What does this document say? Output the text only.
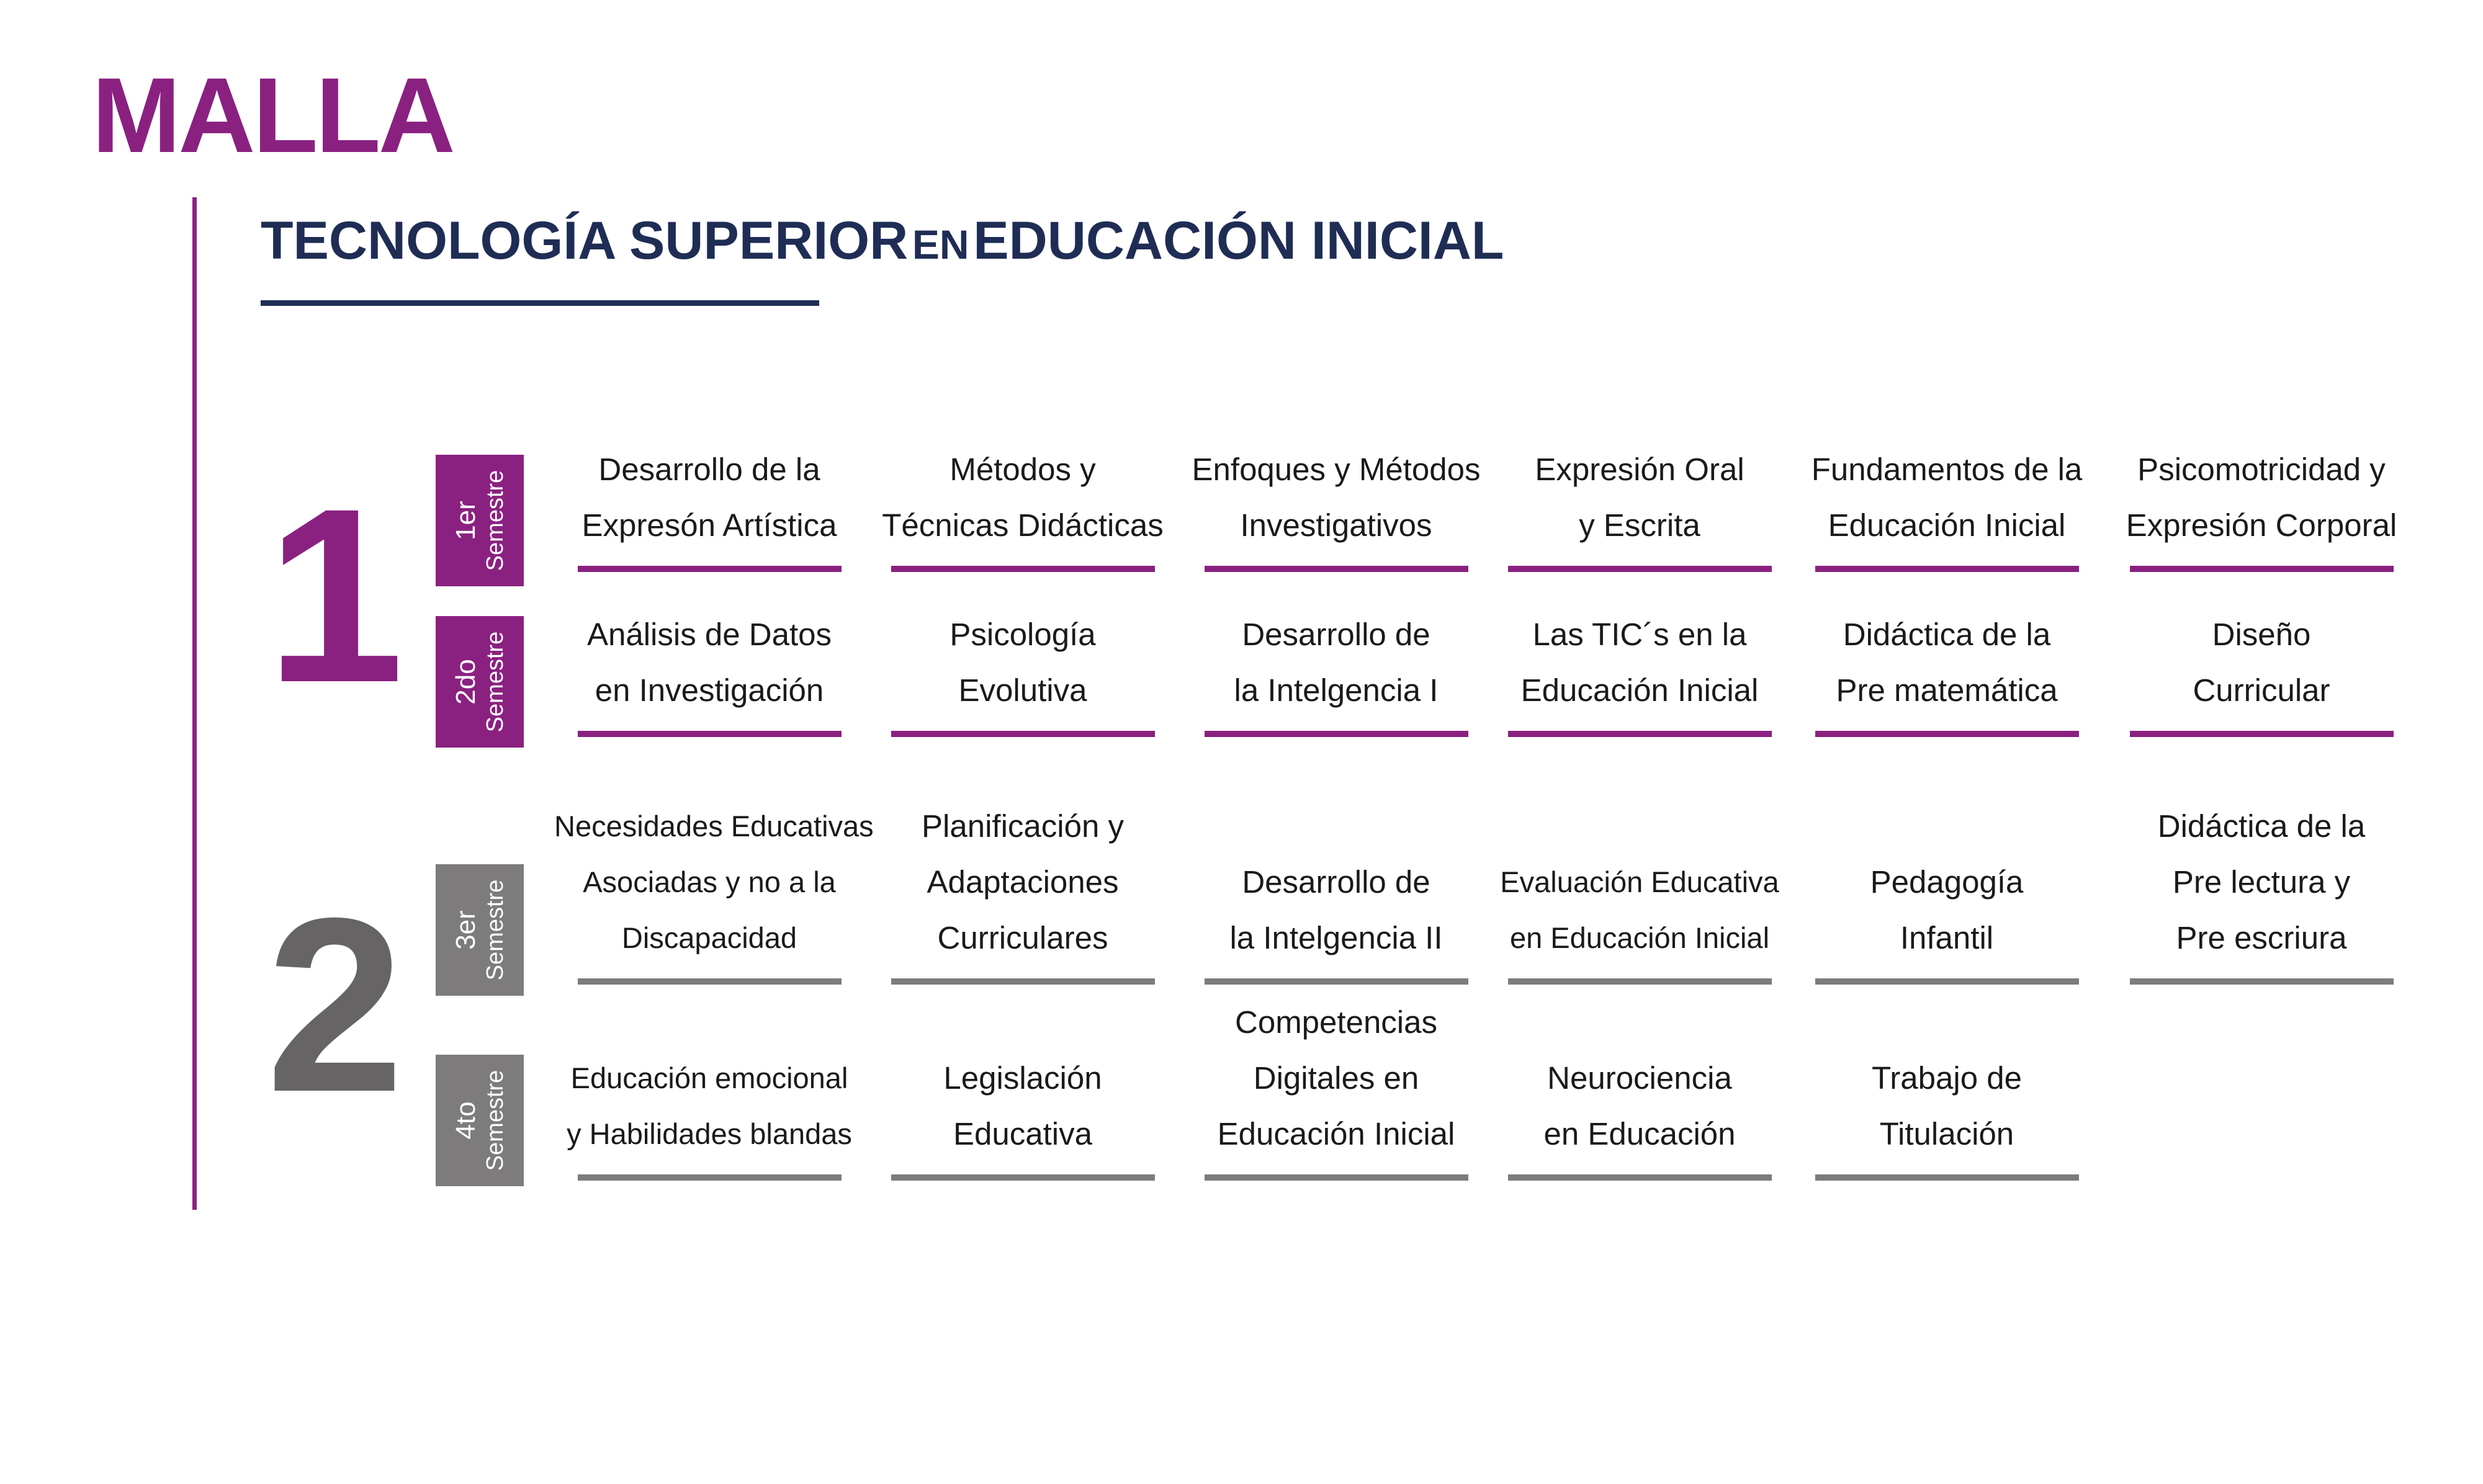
MALLA
TECNOLOGÍA SUPERIOR EN EDUCACIÓN INICIAL
1
2
1er Semestre
Desarrollo de la
Expresón Artística
Métodos y
Técnicas Didácticas
Enfoques y Métodos
Investigativos
Expresión Oral
y Escrita
Fundamentos de la
Educación Inicial
Psicomotricidad y
Expresión Corporal
2do Semestre	Análisis de Datos
en Investigación
Psicología
Evolutiva
Desarrollo de
la Intelgencia I
Las TIC´s en la
Educación Inicial
Didáctica de la
Pre matemática
Diseño
Curricular
3er Semestre
Necesidades Educativas
Asociadas y no a la
Discapacidad
Planificación y
Adaptaciones
Curriculares
Desarrollo de
la Intelgencia II
Evaluación Educativa
en Educación Inicial
Pedagogía
Infantil
Didáctica de la
Pre lectura y
Pre escriura
4to Semestre	Educación emocional
y Habilidades blandas
Legislación
Educativa
Competencias
Digitales en
Educación Inicial
Neurociencia
en Educación
Trabajo de
Titulación
